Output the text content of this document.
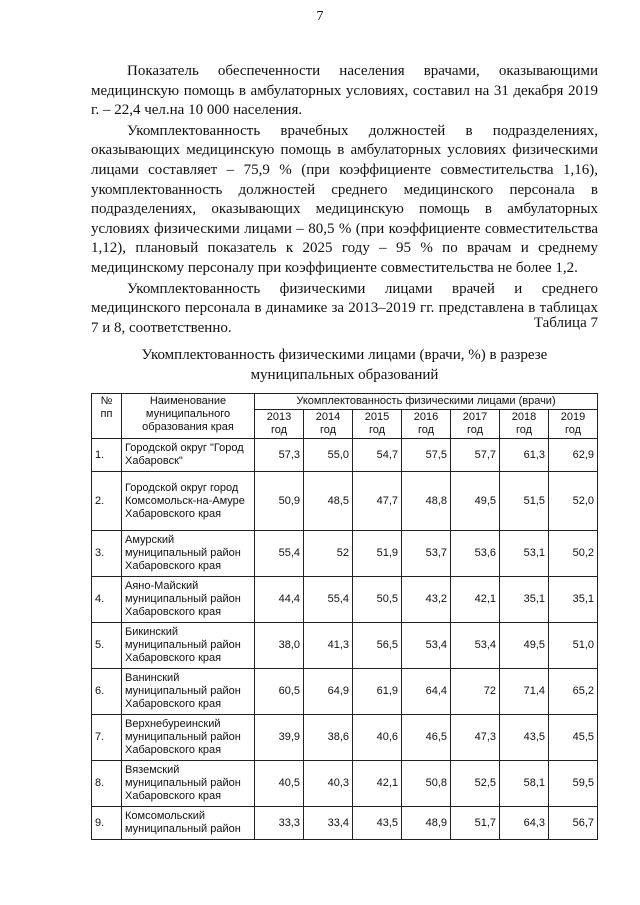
7

Показатель обеспеченности населения врачами, оказывающими медицинскую помощь в амбулаторных условиях, составил на 31 декабря 2019 г. – 22,4 чел.на 10 000 населения.

Укомплектованность врачебных должностей в подразделениях, оказывающих медицинскую помощь в амбулаторных условиях физическими лицами составляет – 75,9 % (при коэффициенте совместительства 1,16), укомплектованность должностей среднего медицинского персонала в подразделениях, оказывающих медицинскую помощь в амбулаторных условиях физическими лицами – 80,5 % (при коэффициенте совместительства 1,12), плановый показатель к 2025 году – 95 % по врачам и среднему медицинскому персоналу при коэффициенте совместительства не более 1,2.

Укомплектованность физическими лицами врачей и среднего медицинского персонала в динамике за 2013–2019 гг. представлена в таблицах 7 и 8, соответственно.	Таблица 7
Укомплектованность физическими лицами (врачи, %) в разрезе муниципальных образований
№ пп	Наименование муниципального образования края	Укомплектованность физическими лицами (врачи)						
		2013 год	2014 год	2015 год	2016 год	2017 год	2018 год	2019 год
1.	Городской округ "Город Хабаровск"	57,3	55,0	54,7	57,5	57,7	61,3	62,9
2.	Городской округ город Комсомольск-на-Амуре Хабаровского края	50,9	48,5	47,7	48,8	49,5	51,5	52,0
3.	Амурский муниципальный район Хабаровского края	55,4	52	51,9	53,7	53,6	53,1	50,2
4.	Аяно-Майский муниципальный район Хабаровского края	44,4	55,4	50,5	43,2	42,1	35,1	35,1
5.	Бикинский муниципальный район Хабаровского края	38,0	41,3	56,5	53,4	53,4	49,5	51,0
6.	Ванинский муниципальный район Хабаровского края	60,5	64,9	61,9	64,4	72	71,4	65,2
7.	Верхнебуреинский муниципальный район Хабаровского края	39,9	38,6	40,6	46,5	47,3	43,5	45,5
8.	Вяземский муниципальный район Хабаровского края	40,5	40,3	42,1	50,8	52,5	58,1	59,5
9.	Комсомольский муниципальный район	33,3	33,4	43,5	48,9	51,7	64,3	56,7
